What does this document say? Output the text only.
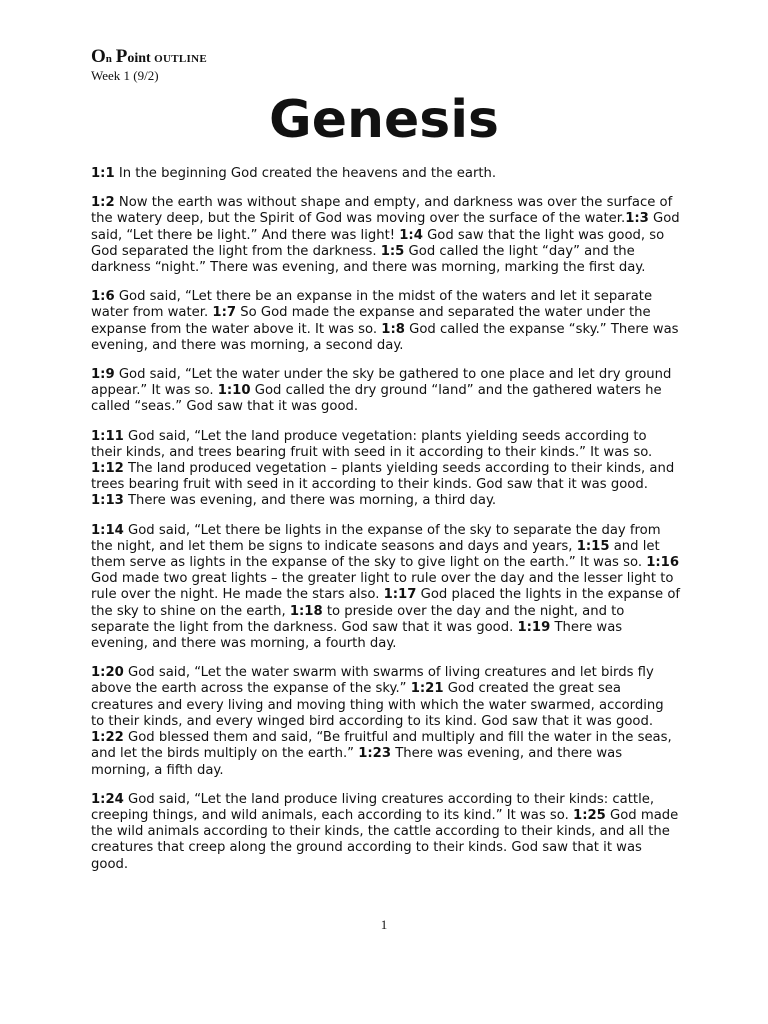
On Point OUTLINE
Week 1 (9/2)
Genesis

1:1 In the beginning God created the heavens and the earth.

1:2 Now the earth was without shape and empty, and darkness was over the surface of the watery deep, but the Spirit of God was moving over the surface of the water.1:3 God said, “Let there be light.” And there was light! 1:4 God saw that the light was good, so God separated the light from the darkness. 1:5 God called the light “day” and the darkness “night.” There was evening, and there was morning, marking the first day.

1:6 God said, “Let there be an expanse in the midst of the waters and let it separate water from water. 1:7 So God made the expanse and separated the water under the expanse from the water above it. It was so. 1:8 God called the expanse “sky.” There was evening, and there was morning, a second day.

1:9 God said, “Let the water under the sky be gathered to one place and let dry ground appear.” It was so. 1:10 God called the dry ground “land” and the gathered waters he called “seas.” God saw that it was good.

1:11 God said, “Let the land produce vegetation: plants yielding seeds according to their kinds, and trees bearing fruit with seed in it according to their kinds.” It was so. 1:12 The land produced vegetation – plants yielding seeds according to their kinds, and trees bearing fruit with seed in it according to their kinds. God saw that it was good. 1:13 There was evening, and there was morning, a third day.

1:14 God said, “Let there be lights in the expanse of the sky to separate the day from the night, and let them be signs to indicate seasons and days and years, 1:15 and let them serve as lights in the expanse of the sky to give light on the earth.” It was so. 1:16 God made two great lights – the greater light to rule over the day and the lesser light to rule over the night. He made the stars also. 1:17 God placed the lights in the expanse of the sky to shine on the earth, 1:18 to preside over the day and the night, and to separate the light from the darkness. God saw that it was good. 1:19 There was evening, and there was morning, a fourth day.

1:20 God said, “Let the water swarm with swarms of living creatures and let birds fly above the earth across the expanse of the sky.” 1:21 God created the great sea creatures and every living and moving thing with which the water swarmed, according to their kinds, and every winged bird according to its kind. God saw that it was good. 1:22 God blessed them and said, “Be fruitful and multiply and fill the water in the seas, and let the birds multiply on the earth.” 1:23 There was evening, and there was morning, a fifth day.

1:24 God said, “Let the land produce living creatures according to their kinds: cattle, creeping things, and wild animals, each according to its kind.” It was so. 1:25 God made the wild animals according to their kinds, the cattle according to their kinds, and all the creatures that creep along the ground according to their kinds. God saw that it was good.

1
